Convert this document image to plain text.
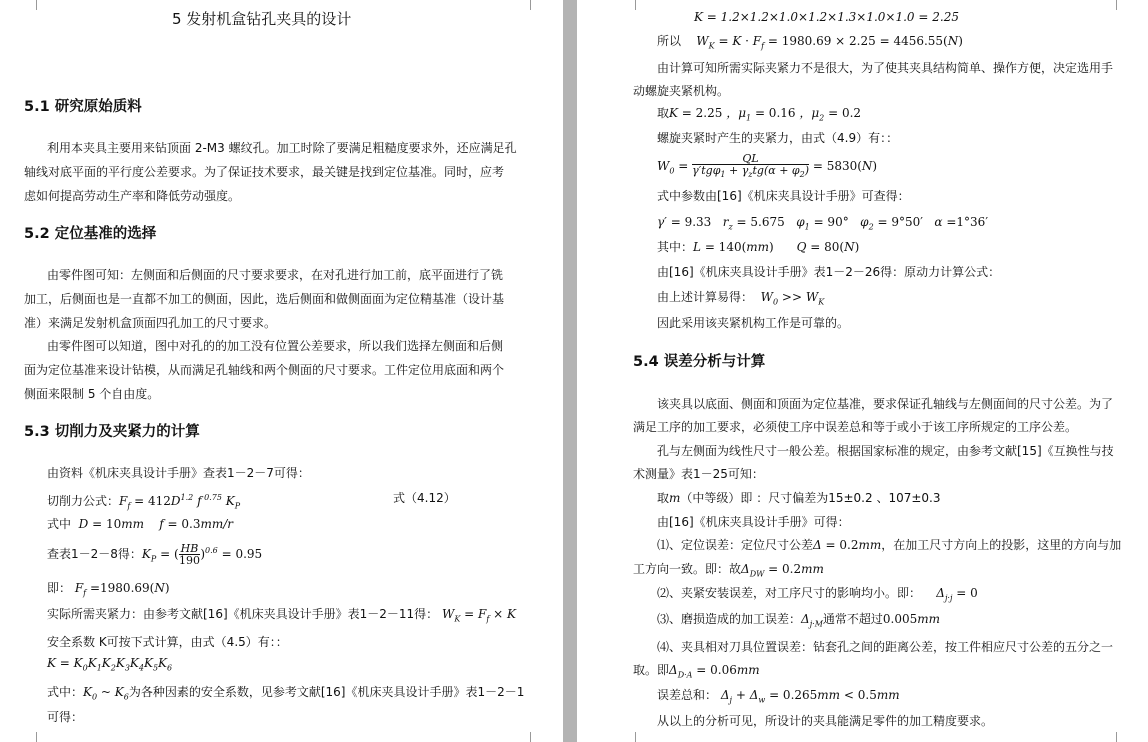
5 发射机盒钻孔夹具的设计
5.1 研究原始质料
利用本夹具主要用来钻顶面 2-M3 螺纹孔。加工时除了要满足粗糙度要求外，还应满足孔
轴线对底平面的平行度公差要求。为了保证技术要求，最关键是找到定位基准。同时，应考
虑如何提高劳动生产率和降低劳动强度。
5.2 定位基准的选择
由零件图可知：左侧面和后侧面的尺寸要求要求，在对孔进行加工前，底平面进行了铣
加工，后侧面也是一直都不加工的侧面，因此，选后侧面和做侧面面为定位精基准（设计基
准）来满足发射机盒顶面四孔加工的尺寸要求。
由零件图可以知道，图中对孔的的加工没有位置公差要求，所以我们选择左侧面和后侧
面为定位基准来设计钻模，从而满足孔轴线和两个侧面的尺寸要求。工件定位用底面和两个
侧面来限制 5 个自由度。
5.3 切削力及夹紧力的计算
由资料《机床夹具设计手册》查表1－2－7可得：
切削力公式：$F_f = 412D^{1.2}$ f $^{0.75}$ $K_P$
式（4.12）
式中 D = 10mm    f = 0.3mm/r
查表1－2－8得：$K_P$ = ( $\frac{HB}{190} )^{0.6} = 0.95$
即： $F_f =1980.69(N)$
实际所需夹紧力：由参考文献[16]《机床夹具设计手册》表1－2－11得： $W_K = F_f \times K$
安全系数 K可按下式计算，由式（4.5）有：：
$K = K_0K_1K_2K_3K_4K_5K_6$
式中：$K_0$ ~ $K_6$为各种因素的安全系数，见参考文献[16]《机床夹具设计手册》表1－2－1
可得：
K = 1.2×1.2×1.0×1.2×1.3×1.0×1.0 = 2.25
所以 $W_K = K \cdot F_f = 1980.69 \times 2.25 = 4456.55(N)$
由计算可知所需实际夹紧力不是很大，为了使其夹具结构简单、操作方便，决定选用手
动螺旋夹紧机构。
取K = 2.25 ，$\mu_1 = 0.16$ ，$\mu_2 = 0.2$
螺旋夹紧时产生的夹紧力，由式（4.9）有：：
$W_0 = \frac{QL}{\gamma'tg\varphi_1 + \gamma_ztg(\alpha + \varphi_2)} = 5830(N)$
式中参数由[16]《机床夹具设计手册》可查得：
γ′ = 9.33   $r_z = 5.675$   $\varphi_1 = 90^\circ$   $\varphi_2 = 9^\circ 50'$   α =1°36′
其中：L = 140(mm)      Q = 80(N)
由[16]《机床夹具设计手册》表1－2－26得：原动力计算公式：
由上述计算易得： $W_0 >> W_K$
因此采用该夹紧机构工作是可靠的。
5.4 误差分析与计算
该夹具以底面、侧面和顶面为定位基准，要求保证孔轴线与左侧面间的尺寸公差。为了
满足工序的加工要求，必须使工序中误差总和等于或小于该工序所规定的工序公差。
孔与左侧面为线性尺寸一般公差。根据国家标准的规定，由参考文献[15]《互换性与技
术测量》表1－25可知：
取m（中等级）即 ：尺寸偏差为15±0.2 、107±0.3
由[16]《机床夹具设计手册》可得：
⑴、定位误差：定位尺寸公差Δ = 0.2mm，在加工尺寸方向上的投影，这里的方向与加
工方向一致。即：故$\Delta_{DW} = 0.2mm$
⑵、夹紧安装误差，对工序尺寸的影响均小。即： $\Delta_{j\cdot j} = 0$
⑶、磨损造成的加工误差：$\Delta_{j\cdot M}$通常不超过0.005mm
⑷、夹具相对刀具位置误差：钻套孔之间的距离公差，按工件相应尺寸公差的五分之一
取。即$\Delta_{D\cdot A} = 0.06mm$
误差总和： $\Delta_j + \Delta_w = 0.265mm < 0.5mm$
从以上的分析可见，所设计的夹具能满足零件的加工精度要求。
